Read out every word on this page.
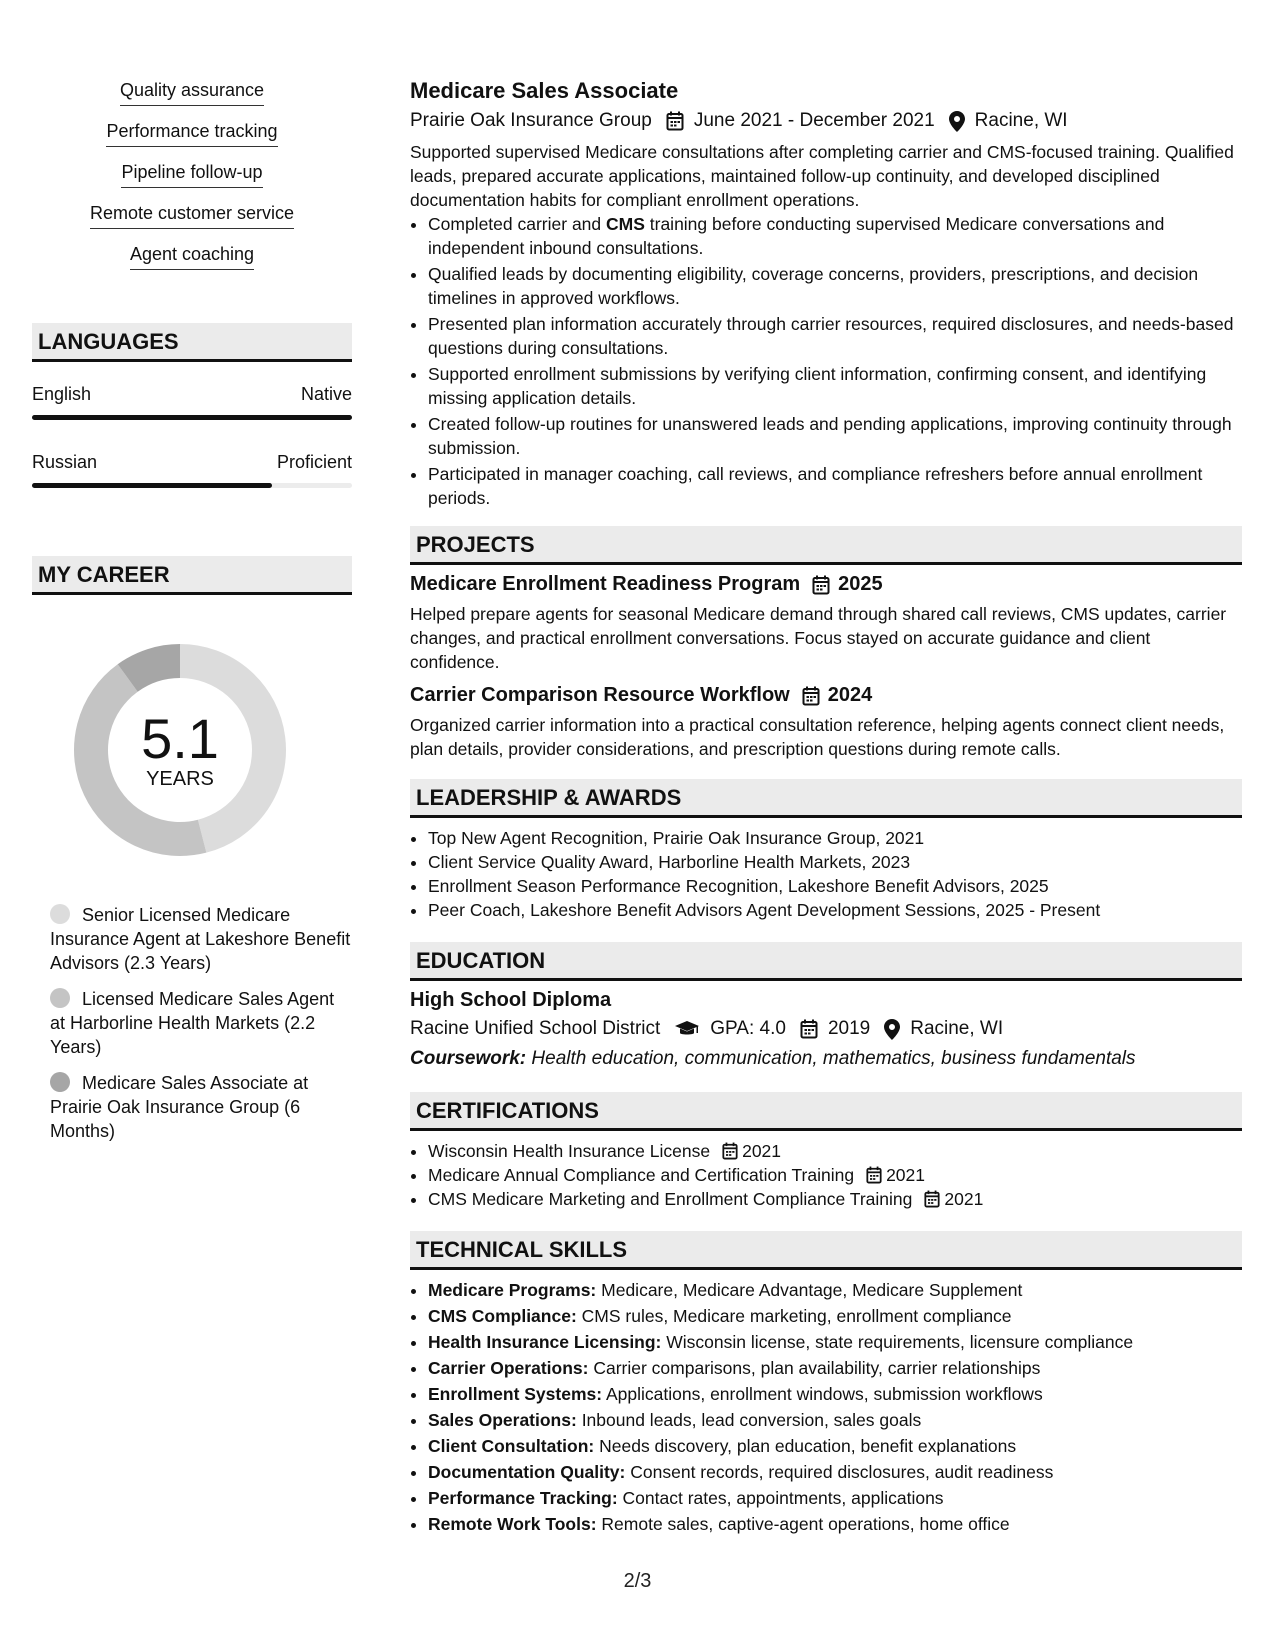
Quality assurance
Performance tracking
Pipeline follow-up
Remote customer service
Agent coaching
LANGUAGES
English	Native
Russian	Proficient
MY CAREER
5.1
YEARS
Senior Licensed Medicare Insurance Agent at Lakeshore Benefit Advisors (2.3 Years)
Licensed Medicare Sales Agent at Harborline Health Markets (2.2 Years)
Medicare Sales Associate at Prairie Oak Insurance Group (6 Months)
Medicare Sales Associate
Prairie Oak Insurance Group June 2021 - December 2021 Racine, WI
Supported supervised Medicare consultations after completing carrier and CMS-focused training. Qualified leads, prepared accurate applications, maintained follow-up continuity, and developed disciplined documentation habits for compliant enrollment operations.
• Completed carrier and CMS training before conducting supervised Medicare conversations and independent inbound consultations.
• Qualified leads by documenting eligibility, coverage concerns, providers, prescriptions, and decision timelines in approved workflows.
• Presented plan information accurately through carrier resources, required disclosures, and needs-based questions during consultations.
• Supported enrollment submissions by verifying client information, confirming consent, and identifying missing application details.
• Created follow-up routines for unanswered leads and pending applications, improving continuity through submission.
• Participated in manager coaching, call reviews, and compliance refreshers before annual enrollment periods.
PROJECTS
Medicare Enrollment Readiness Program 2025
Helped prepare agents for seasonal Medicare demand through shared call reviews, CMS updates, carrier changes, and practical enrollment conversations. Focus stayed on accurate guidance and client confidence.
Carrier Comparison Resource Workflow 2024
Organized carrier information into a practical consultation reference, helping agents connect client needs, plan details, provider considerations, and prescription questions during remote calls.
LEADERSHIP & AWARDS
• Top New Agent Recognition, Prairie Oak Insurance Group, 2021
• Client Service Quality Award, Harborline Health Markets, 2023
• Enrollment Season Performance Recognition, Lakeshore Benefit Advisors, 2025
• Peer Coach, Lakeshore Benefit Advisors Agent Development Sessions, 2025 - Present
EDUCATION
High School Diploma
Racine Unified School District	GPA: 4.0 2019 Racine, WI
Coursework: Health education, communication, mathematics, business fundamentals
CERTIFICATIONS
• Wisconsin Health Insurance License 2021
• Medicare Annual Compliance and Certification Training 2021
• CMS Medicare Marketing and Enrollment Compliance Training 2021
TECHNICAL SKILLS
• Medicare Programs: Medicare, Medicare Advantage, Medicare Supplement
• CMS Compliance: CMS rules, Medicare marketing, enrollment compliance
• Health Insurance Licensing: Wisconsin license, state requirements, licensure compliance
• Carrier Operations: Carrier comparisons, plan availability, carrier relationships
• Enrollment Systems: Applications, enrollment windows, submission workflows
• Sales Operations: Inbound leads, lead conversion, sales goals
• Client Consultation: Needs discovery, plan education, benefit explanations
• Documentation Quality: Consent records, required disclosures, audit readiness
• Performance Tracking: Contact rates, appointments, applications
• Remote Work Tools: Remote sales, captive-agent operations, home office
2/3
